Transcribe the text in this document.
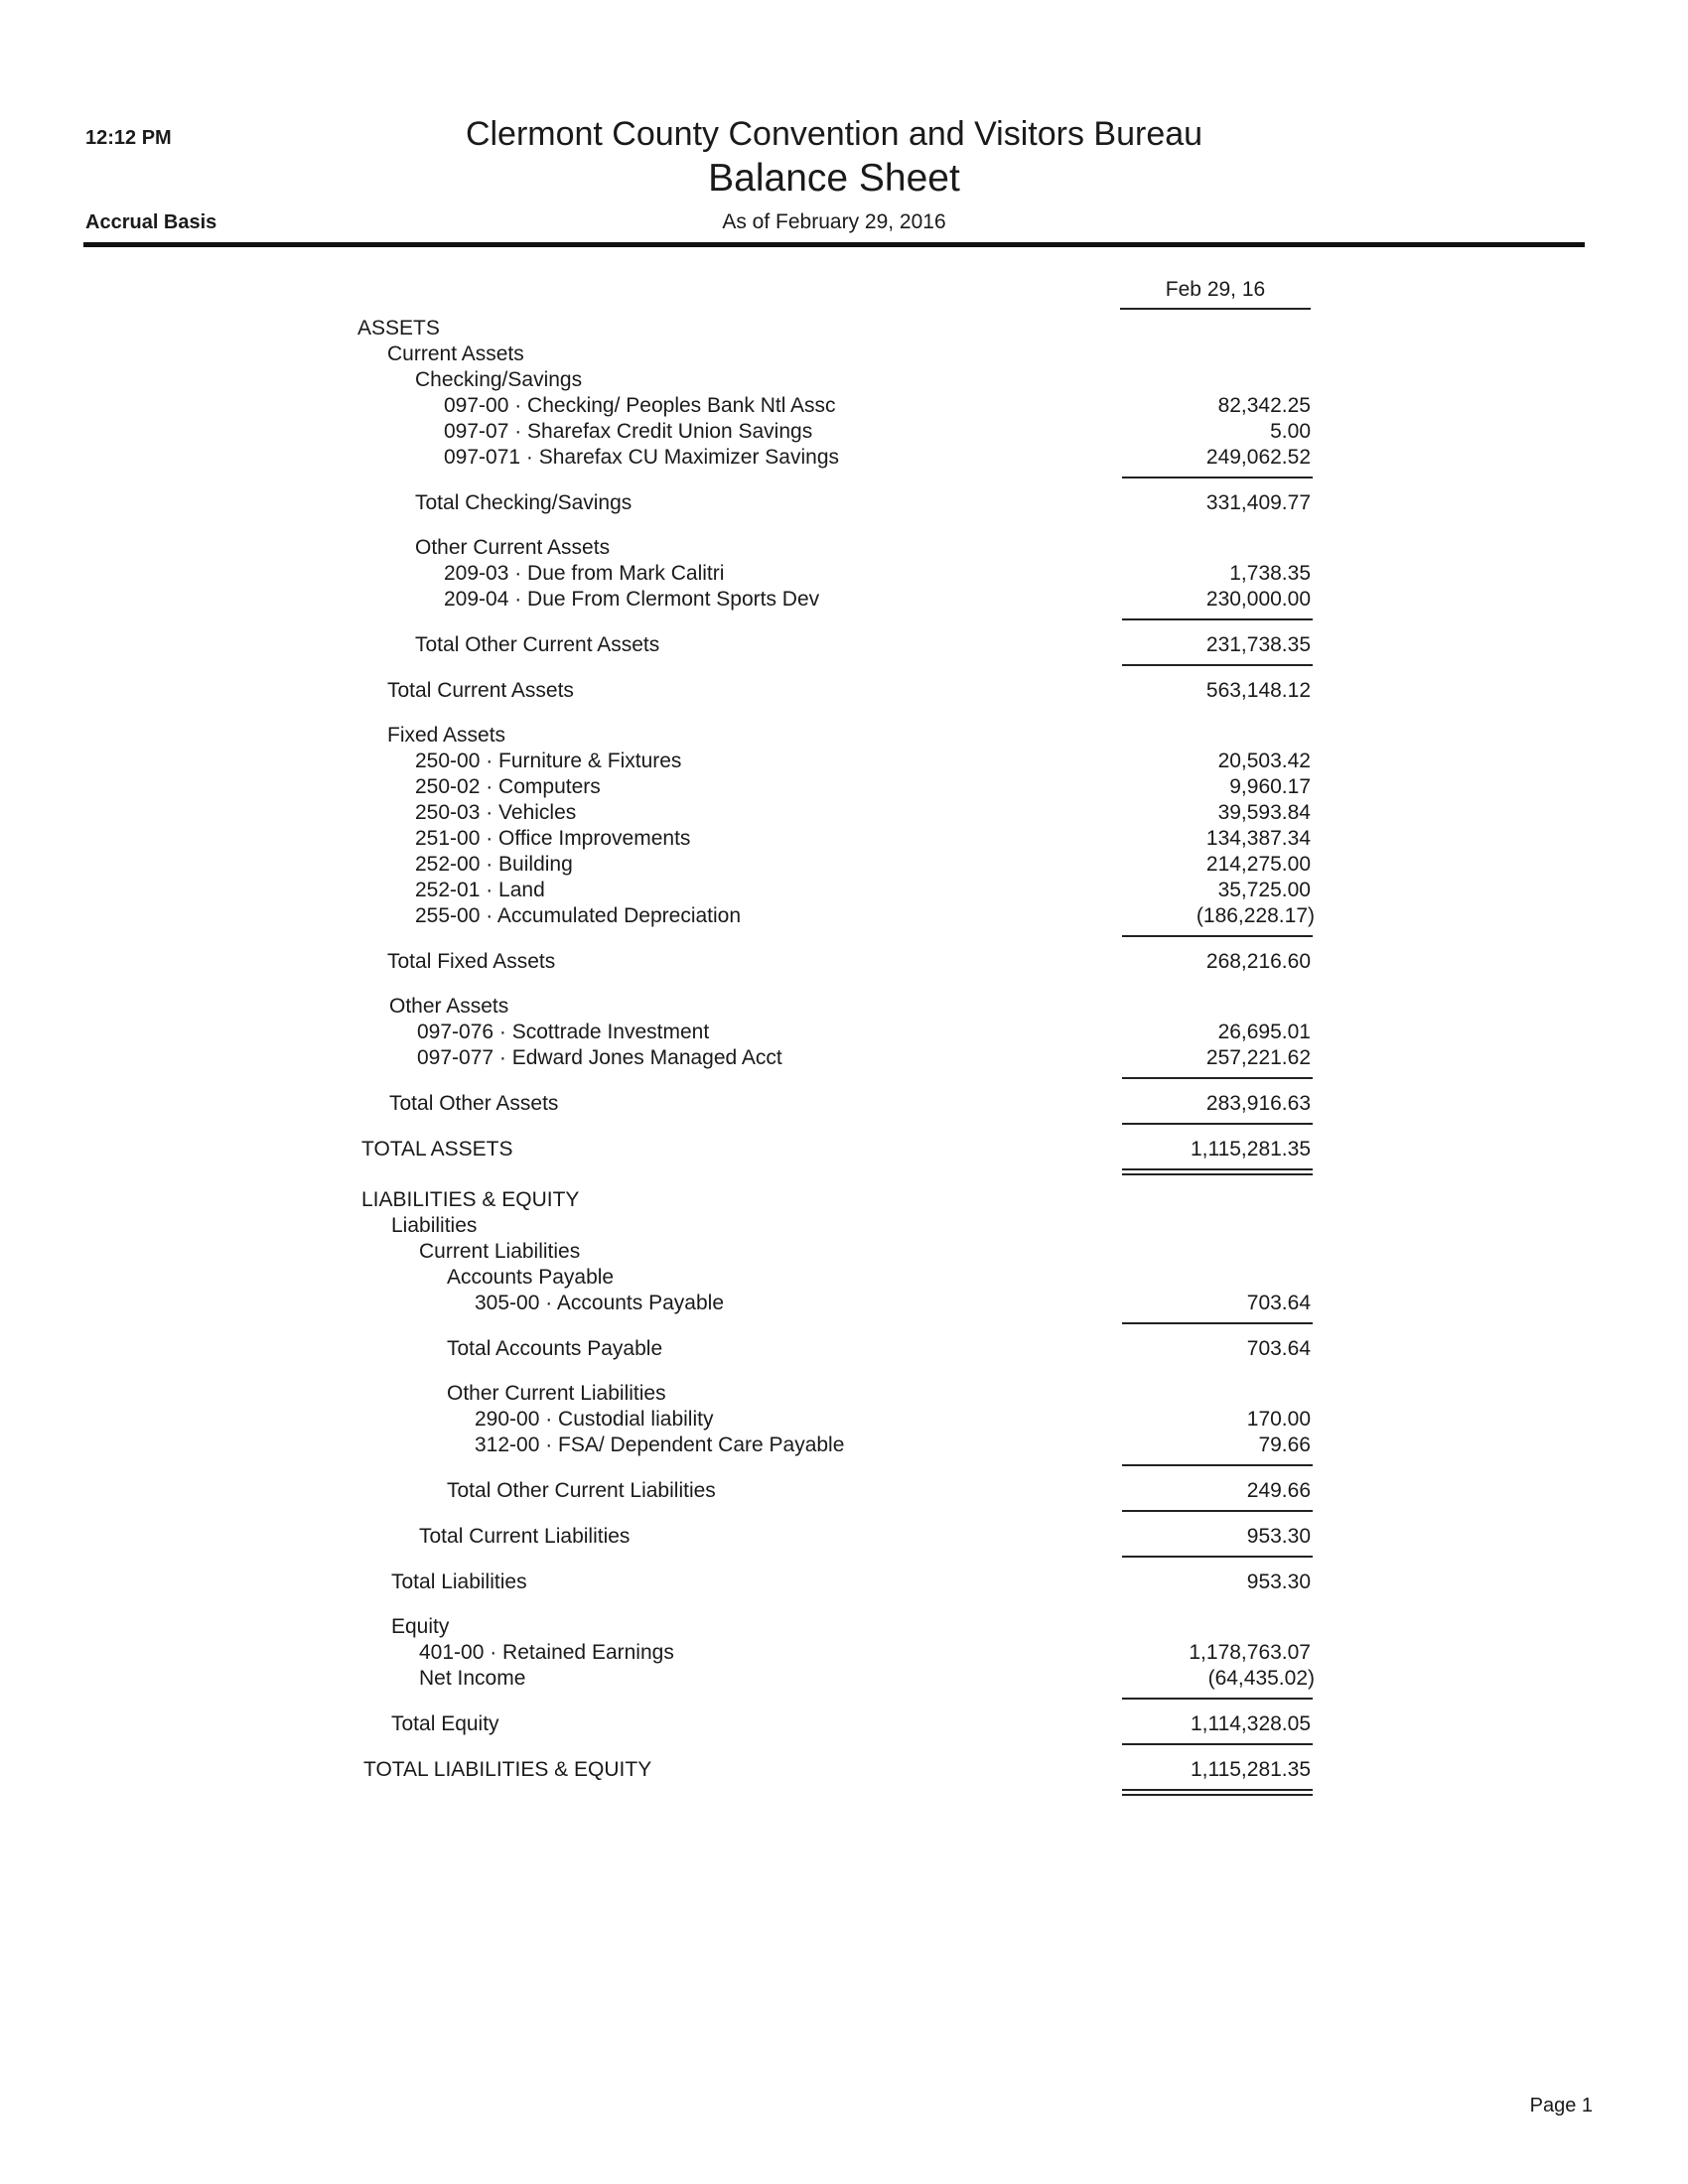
12:12 PM
Accrual Basis
Clermont County Convention and Visitors Bureau
Balance Sheet
As of February 29, 2016
Feb 29, 16
ASSETS
Current Assets
Checking/Savings
097-00 · Checking/ Peoples Bank Ntl Assc	82,342.25
097-07 · Sharefax Credit Union Savings	5.00
097-071 · Sharefax CU Maximizer Savings	249,062.52
Total Checking/Savings	331,409.77
Other Current Assets
209-03 · Due from Mark Calitri	1,738.35
209-04 · Due From Clermont Sports Dev	230,000.00
Total Other Current Assets	231,738.35
Total Current Assets	563,148.12
Fixed Assets
250-00 · Furniture & Fixtures	20,503.42
250-02 · Computers	9,960.17
250-03 · Vehicles	39,593.84
251-00 · Office Improvements	134,387.34
252-00 · Building	214,275.00
252-01 · Land	35,725.00
255-00 · Accumulated Depreciation	(186,228.17)
Total Fixed Assets	268,216.60
Other Assets
097-076 · Scottrade Investment	26,695.01
097-077 · Edward Jones Managed Acct	257,221.62
Total Other Assets	283,916.63
TOTAL ASSETS	1,115,281.35
LIABILITIES & EQUITY
Liabilities
Current Liabilities
Accounts Payable
305-00 · Accounts Payable	703.64
Total Accounts Payable	703.64
Other Current Liabilities
290-00 · Custodial liability	170.00
312-00 · FSA/ Dependent Care Payable	79.66
Total Other Current Liabilities	249.66
Total Current Liabilities	953.30
Total Liabilities	953.30
Equity
401-00 · Retained Earnings	1,178,763.07
Net Income	(64,435.02)
Total Equity	1,114,328.05
TOTAL LIABILITIES & EQUITY	1,115,281.35
Page 1
